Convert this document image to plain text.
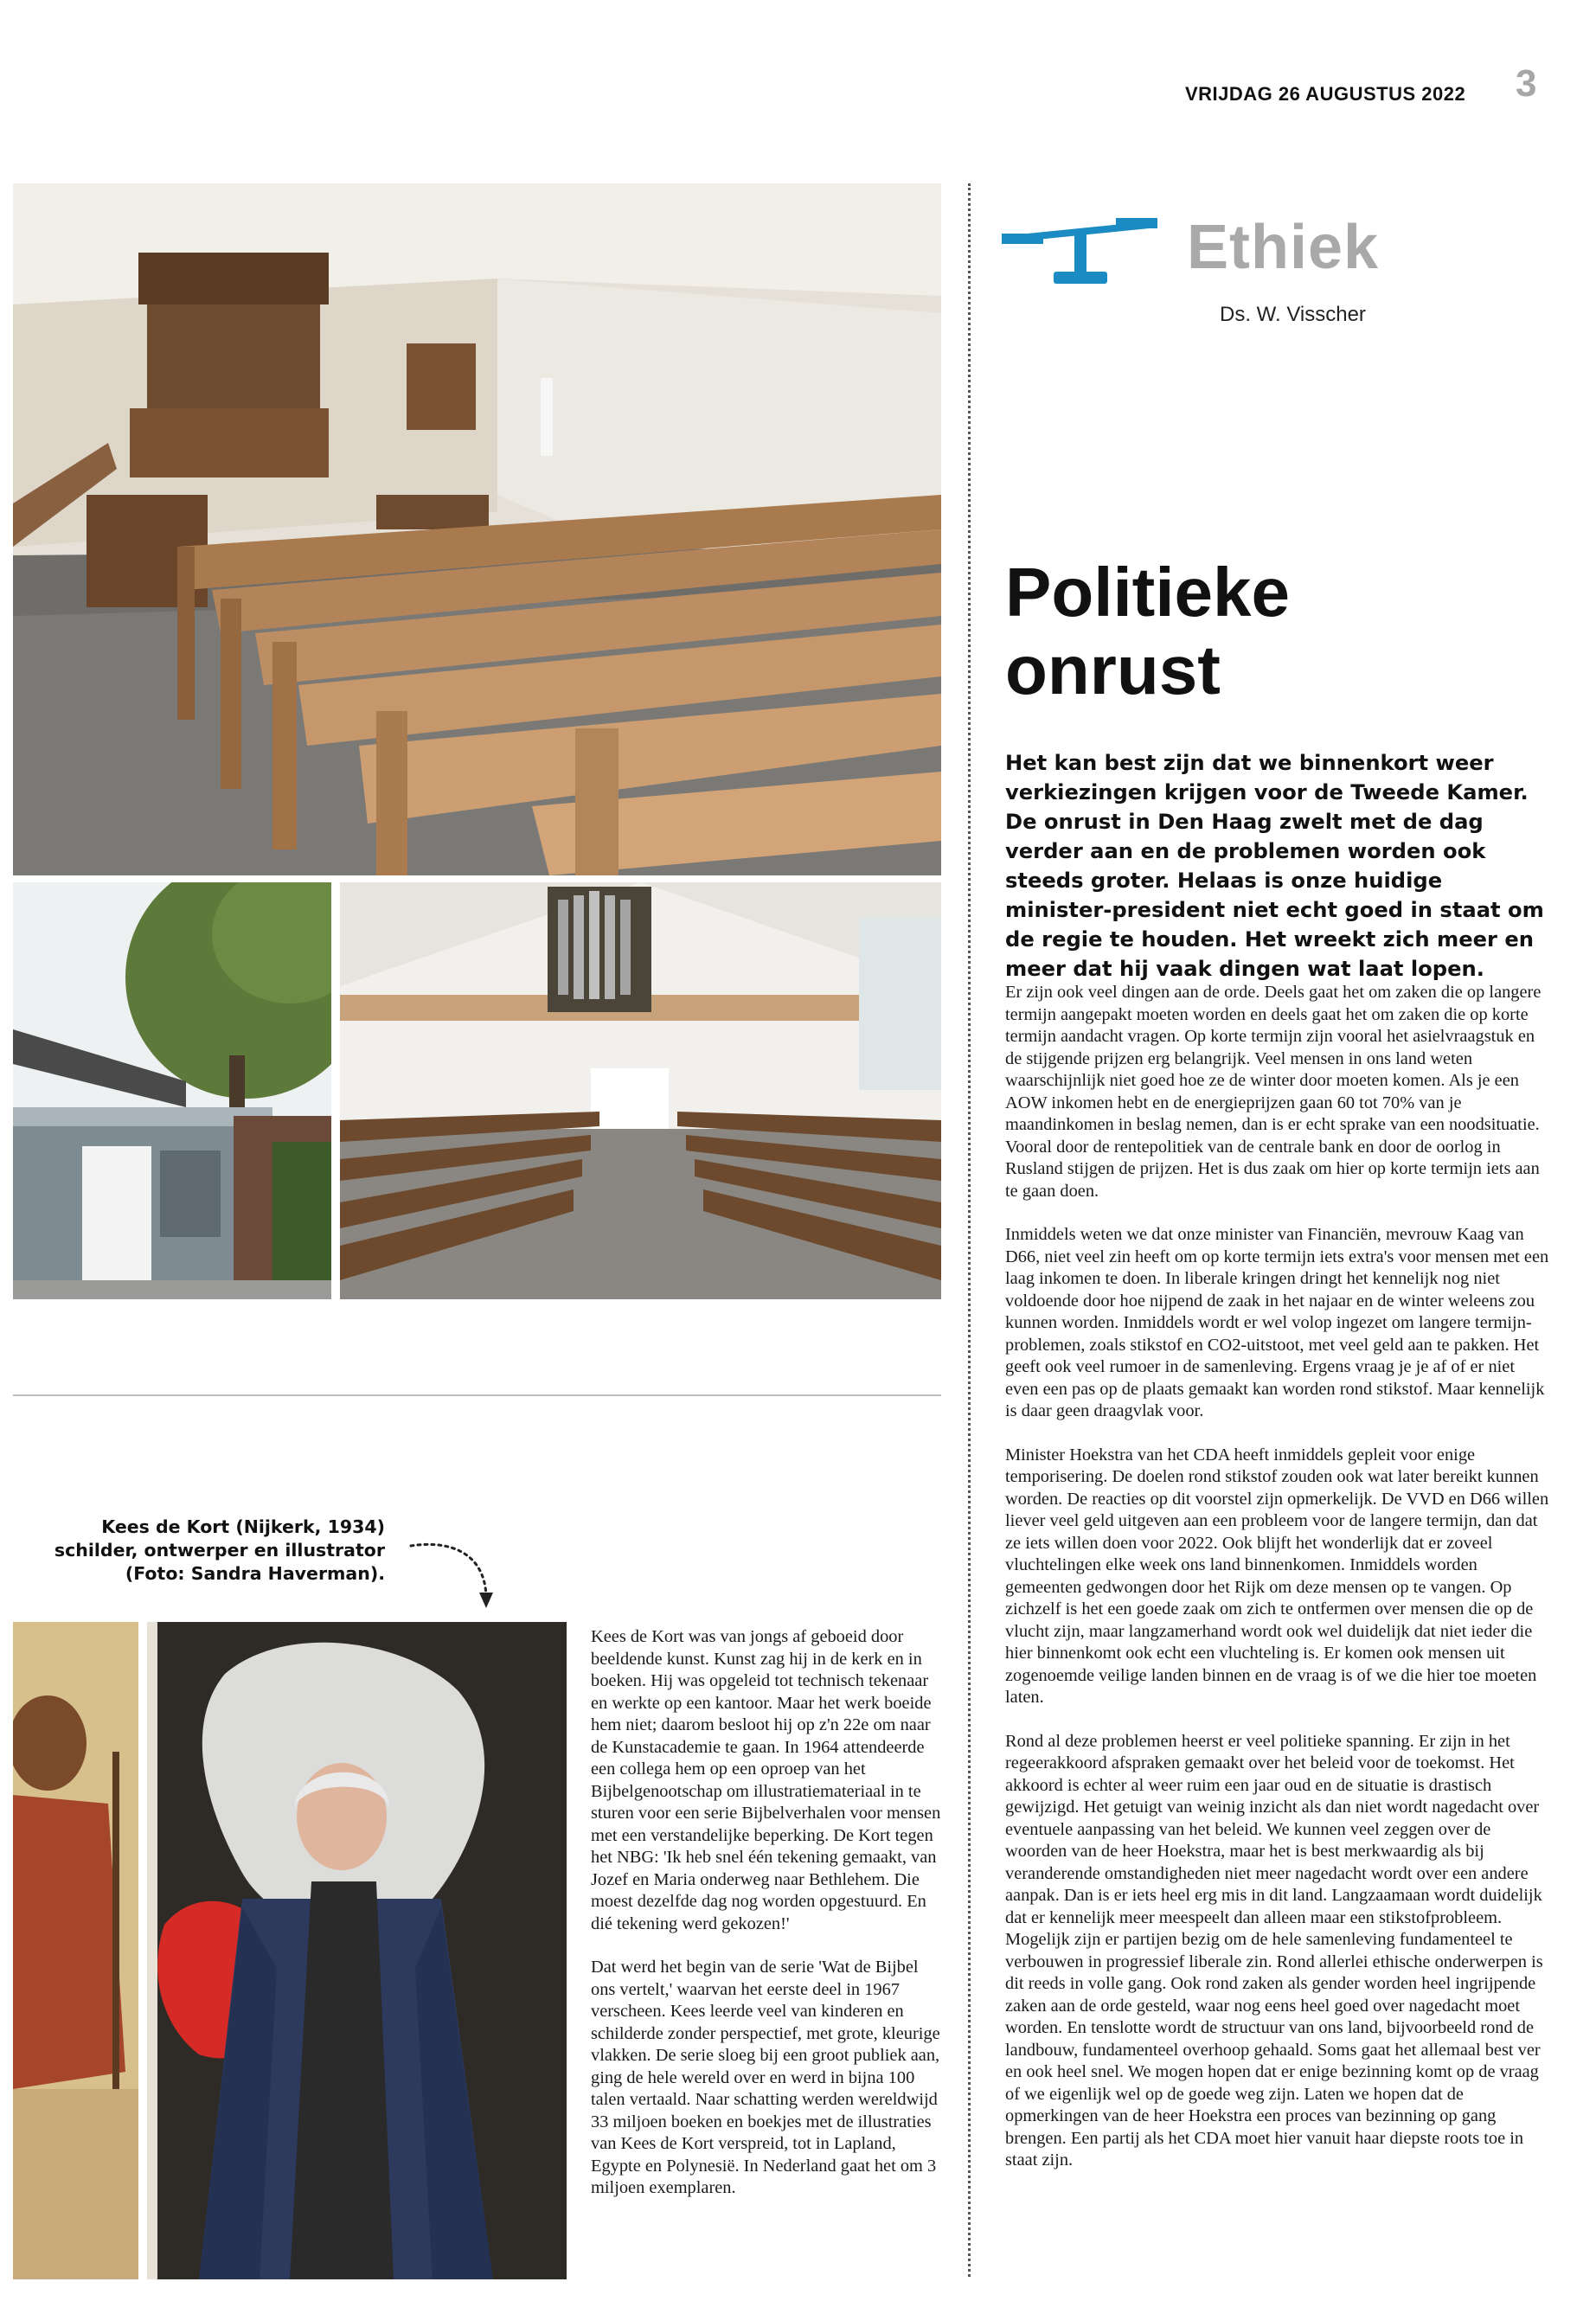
VRIJDAG 26 AUGUSTUS 2022 3
Ethiek
Ds. W. Visscher
Politieke
onrust
Het kan best zijn dat we binnenkort weer verkiezingen krijgen voor de Tweede Kamer. De onrust in Den Haag zwelt met de dag verder aan en de problemen worden ook steeds groter. Helaas is onze huidige minister-president niet echt goed in staat om de regie te houden. Het wreekt zich meer en meer dat hij vaak dingen wat laat lopen.

Er zijn ook veel dingen aan de orde. Deels gaat het om zaken die op langere termijn aangepakt moeten worden en deels gaat het om zaken die op korte termijn aandacht vragen. Op korte termijn zijn vooral het asielvraagstuk en de stijgende prijzen erg belangrijk. Veel mensen in ons land weten waarschijnlijk niet goed hoe ze de winter door moeten komen. Als je een AOW inkomen hebt en de energieprijzen gaan 60 tot 70% van je maandinkomen in beslag nemen, dan is er echt sprake van een noodsituatie. Vooral door de rentepolitiek van de centrale bank en door de oorlog in Rusland stijgen de prijzen. Het is dus zaak om hier op korte termijn iets aan te gaan doen.

Inmiddels weten we dat onze minister van Financiën, mevrouw Kaag van D66, niet veel zin heeft om op korte termijn iets extra's voor mensen met een laag inkomen te doen. In liberale kringen dringt het kennelijk nog niet voldoende door hoe nijpend de zaak in het najaar en de winter weleens zou kunnen worden. Inmiddels wordt er wel volop ingezet om langere termijn-problemen, zoals stikstof en CO2-uitstoot, met veel geld aan te pakken. Het geeft ook veel rumoer in de samenleving. Ergens vraag je je af of er niet even een pas op de plaats gemaakt kan worden rond stikstof. Maar kennelijk is daar geen draagvlak voor.

Minister Hoekstra van het CDA heeft inmiddels gepleit voor enige temporisering. De doelen rond stikstof zouden ook wat later bereikt kunnen worden. De reacties op dit voorstel zijn opmerkelijk. De VVD en D66 willen liever veel geld uitgeven aan een probleem voor de langere termijn, dan dat ze iets willen doen voor 2022. Ook blijft het wonderlijk dat er zoveel vluchtelingen elke week ons land binnenkomen. Inmiddels worden gemeenten gedwongen door het Rijk om deze mensen op te vangen. Op zichzelf is het een goede zaak om zich te ontfermen over mensen die op de vlucht zijn, maar langzamerhand wordt ook wel duidelijk dat niet ieder die hier binnenkomt ook echt een vluchteling is. Er komen ook mensen uit zogenoemde veilige landen binnen en de vraag is of we die hier toe moeten laten.

Rond al deze problemen heerst er veel politieke spanning. Er zijn in het regeerakkoord afspraken gemaakt over het beleid voor de toekomst. Het akkoord is echter al weer ruim een jaar oud en de situatie is drastisch gewijzigd. Het getuigt van weinig inzicht als dan niet wordt nagedacht over eventuele aanpassing van het beleid. We kunnen veel zeggen over de woorden van de heer Hoekstra, maar het is best merkwaardig als bij veranderende omstandigheden niet meer nagedacht wordt over een andere aanpak. Dan is er iets heel erg mis in dit land. Langzaamaan wordt duidelijk dat er kennelijk meer meespeelt dan alleen maar een stikstofprobleem. Mogelijk zijn er partijen bezig om de hele samenleving fundamenteel te verbouwen in progressief liberale zin. Rond allerlei ethische onderwerpen is dit reeds in volle gang. Ook rond zaken als gender worden heel ingrijpende zaken aan de orde gesteld, waar nog eens heel goed over nagedacht moet worden. En tenslotte wordt de structuur van ons land, bijvoorbeeld rond de landbouw, fundamenteel overhoop gehaald. Soms gaat het allemaal best ver en ook heel snel. We mogen hopen dat er enige bezinning komt op de vraag of we eigenlijk wel op de goede weg zijn. Laten we hopen dat de opmerkingen van de heer Hoekstra een proces van bezinning op gang brengen. Een partij als het CDA moet hier vanuit haar diepste roots toe in staat zijn.

Kees de Kort (Nijkerk, 1934)
schilder, ontwerper en illustrator
(Foto: Sandra Haverman).

Kees de Kort was van jongs af geboeid door beeldende kunst. Kunst zag hij in de kerk en in boeken. Hij was opgeleid tot technisch tekenaar en werkte op een kantoor. Maar het werk boeide hem niet; daarom besloot hij op z'n 22e om naar de Kunstacademie te gaan. In 1964 attendeerde een collega hem op een oproep van het Bijbelgenootschap om illustratiemateriaal in te sturen voor een serie Bijbelverhalen voor mensen met een verstandelijke beperking. De Kort tegen het NBG: 'Ik heb snel één tekening gemaakt, van Jozef en Maria onderweg naar Bethlehem. Die moest dezelfde dag nog worden opgestuurd. En dié tekening werd gekozen!'

Dat werd het begin van de serie 'Wat de Bijbel ons vertelt,' waarvan het eerste deel in 1967 verscheen. Kees leerde veel van kinderen en schilderde zonder perspectief, met grote, kleurige vlakken. De serie sloeg bij een groot publiek aan, ging de hele wereld over en werd in bijna 100 talen vertaald. Naar schatting werden wereldwijd 33 miljoen boeken en boekjes met de illustraties van Kees de Kort verspreid, tot in Lapland, Egypte en Polynesië. In Nederland gaat het om 3 miljoen exemplaren.
